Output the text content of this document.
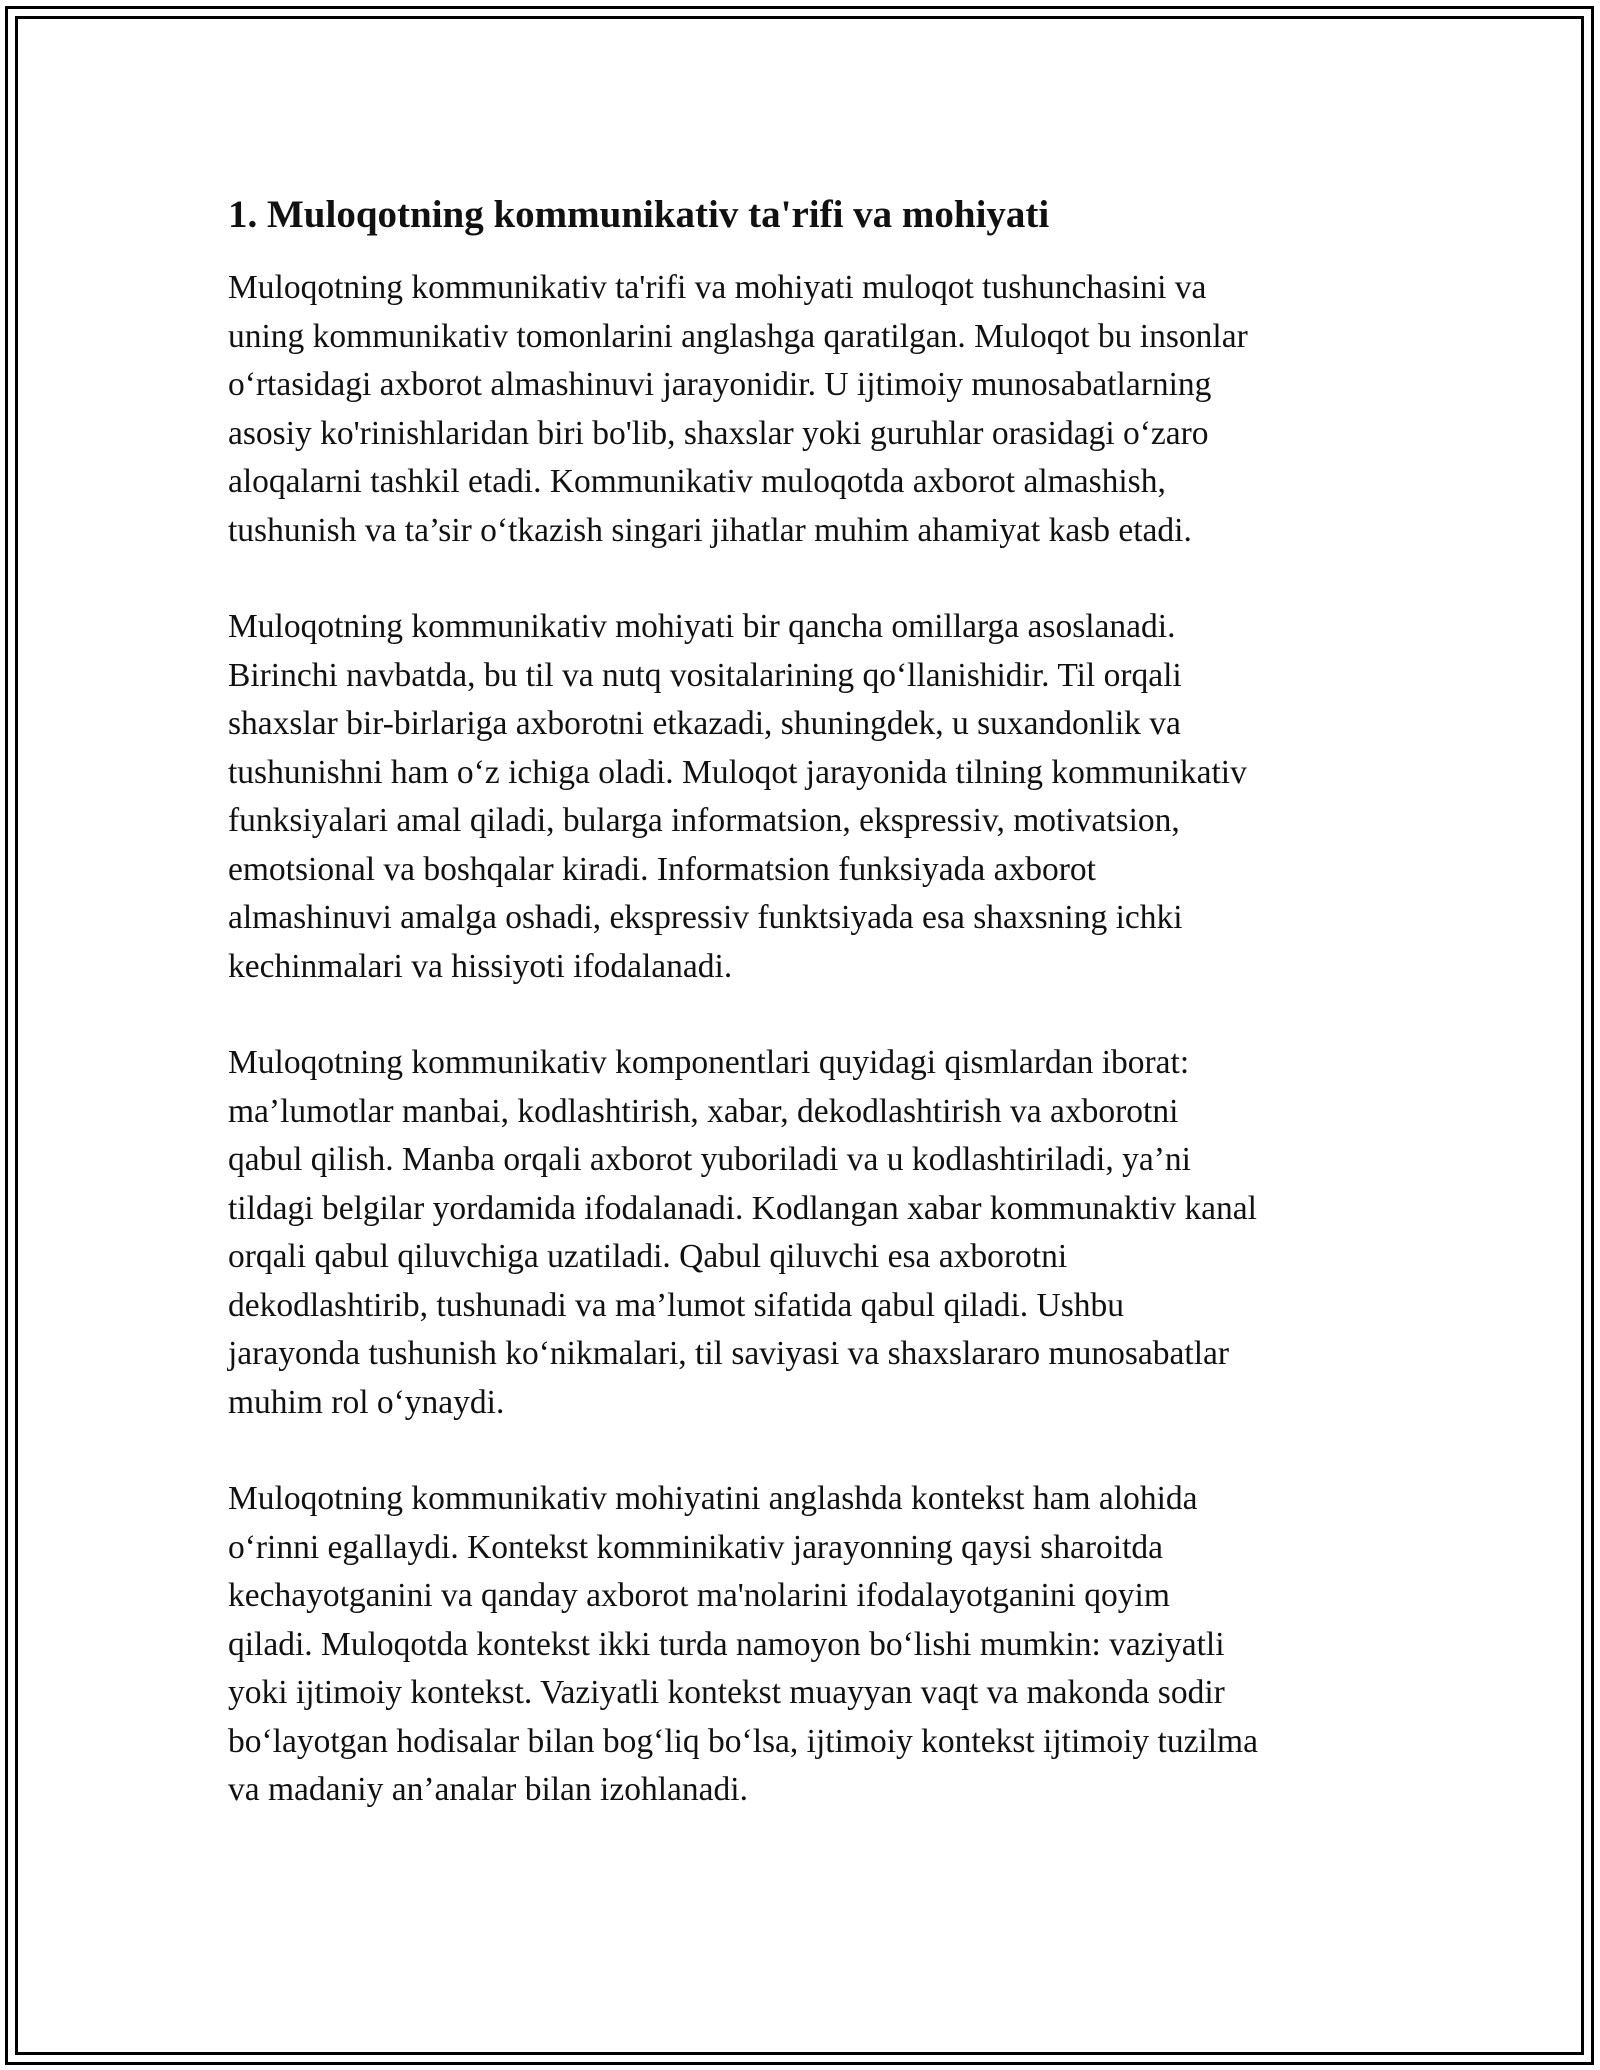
1. Muloqotning kommunikativ ta'rifi va mohiyati

Muloqotning kommunikativ ta'rifi va mohiyati muloqot tushunchasini va
uning kommunikativ tomonlarini anglashga qaratilgan. Muloqot bu insonlar
o‘rtasidagi axborot almashinuvi jarayonidir. U ijtimoiy munosabatlarning
asosiy ko'rinishlaridan biri bo'lib, shaxslar yoki guruhlar orasidagi o‘zaro
aloqalarni tashkil etadi. Kommunikativ muloqotda axborot almashish,
tushunish va ta’sir o‘tkazish singari jihatlar muhim ahamiyat kasb etadi.

Muloqotning kommunikativ mohiyati bir qancha omillarga asoslanadi.
Birinchi navbatda, bu til va nutq vositalarining qo‘llanishidir. Til orqali
shaxslar bir-birlariga axborotni etkazadi, shuningdek, u suxandonlik va
tushunishni ham o‘z ichiga oladi. Muloqot jarayonida tilning kommunikativ
funksiyalari amal qiladi, bularga informatsion, ekspressiv, motivatsion,
emotsional va boshqalar kiradi. Informatsion funksiyada axborot
almashinuvi amalga oshadi, ekspressiv funktsiyada esa shaxsning ichki
kechinmalari va hissiyoti ifodalanadi.

Muloqotning kommunikativ komponentlari quyidagi qismlardan iborat:
ma’lumotlar manbai, kodlashtirish, xabar, dekodlashtirish va axborotni
qabul qilish. Manba orqali axborot yuboriladi va u kodlashtiriladi, ya’ni
tildagi belgilar yordamida ifodalanadi. Kodlangan xabar kommunaktiv kanal
orqali qabul qiluvchiga uzatiladi. Qabul qiluvchi esa axborotni
dekodlashtirib, tushunadi va ma’lumot sifatida qabul qiladi. Ushbu
jarayonda tushunish ko‘nikmalari, til saviyasi va shaxslararo munosabatlar
muhim rol o‘ynaydi.

Muloqotning kommunikativ mohiyatini anglashda kontekst ham alohida
o‘rinni egallaydi. Kontekst komminikativ jarayonning qaysi sharoitda
kechayotganini va qanday axborot ma'nolarini ifodalayotganini qoyim
qiladi. Muloqotda kontekst ikki turda namoyon bo‘lishi mumkin: vaziyatli
yoki ijtimoiy kontekst. Vaziyatli kontekst muayyan vaqt va makonda sodir
bo‘layotgan hodisalar bilan bog‘liq bo‘lsa, ijtimoiy kontekst ijtimoiy tuzilma
va madaniy an’analar bilan izohlanadi.
